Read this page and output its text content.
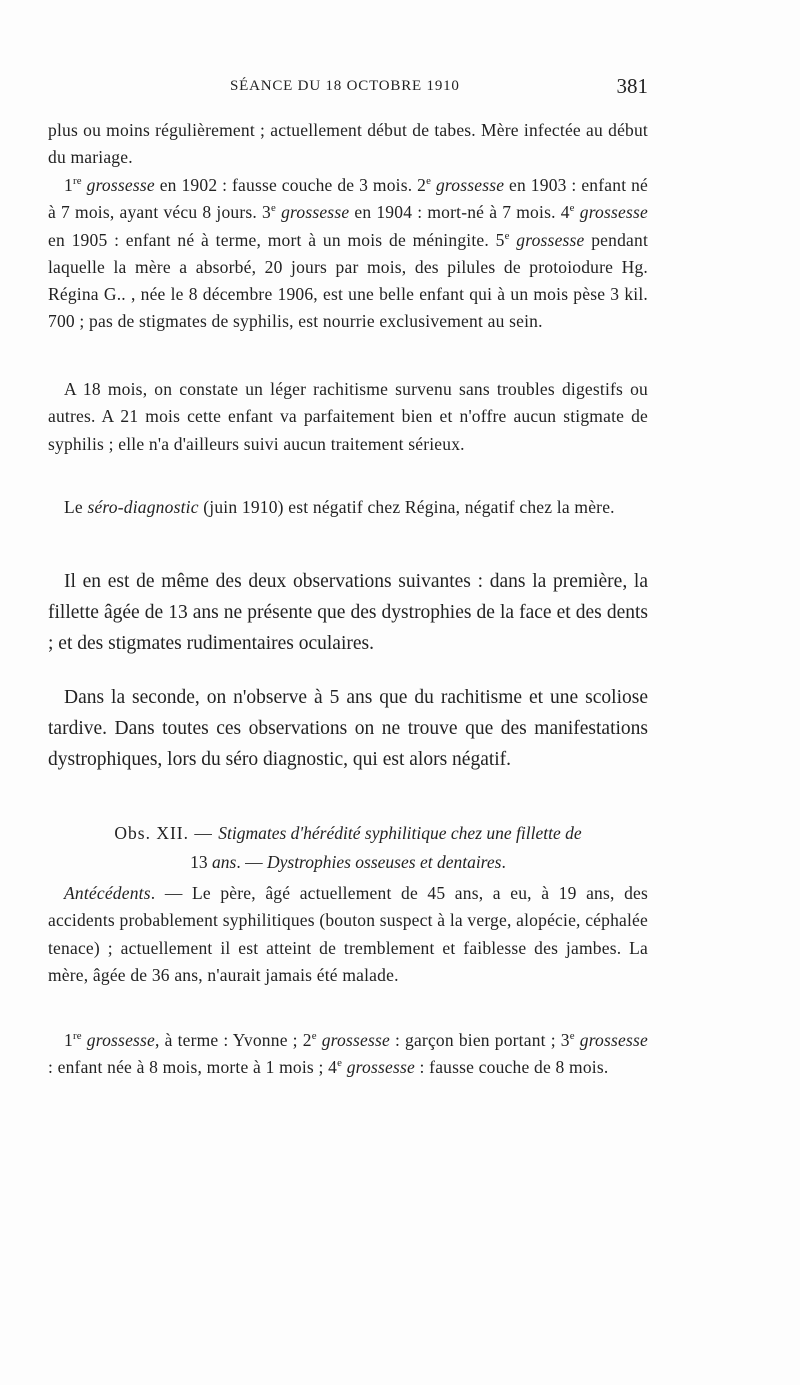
SÉANCE DU 18 OCTOBRE 1910	381

plus ou moins régulièrement ; actuellement début de tabes. Mère infectée au début du mariage.

1re grossesse en 1902 : fausse couche de 3 mois. 2e grossesse en 1903 : enfant né à 7 mois, ayant vécu 8 jours. 3e grossesse en 1904 : mort-né à 7 mois. 4e grossesse en 1905 : enfant né à terme, mort à un mois de méningite. 5e grossesse pendant laquelle la mère a absorbé, 20 jours par mois, des pilules de protoiodure Hg. Régina G.. , née le 8 décembre 1906, est une belle enfant qui à un mois pèse 3 kil. 700 ; pas de stigmates de syphilis, est nourrie exclusivement au sein.

A 18 mois, on constate un léger rachitisme survenu sans troubles digestifs ou autres. A 21 mois cette enfant va parfaitement bien et n'offre aucun stigmate de syphilis ; elle n'a d'ailleurs suivi aucun traitement sérieux.

Le séro-diagnostic (juin 1910) est négatif chez Régina, négatif chez la mère.

Il en est de même des deux observations suivantes : dans la première, la fillette âgée de 13 ans ne présente que des dystrophies de la face et des dents ; et des stigmates rudimentaires oculaires.

Dans la seconde, on n'observe à 5 ans que du rachitisme et une scoliose tardive. Dans toutes ces observations on ne trouve que des manifestations dystrophiques, lors du séro diagnostic, qui est alors négatif.

Obs. XII. — Stigmates d'hérédité syphilitique chez une fillette de
13 ans. — Dystrophies osseuses et dentaires.

Antécédents. — Le père, âgé actuellement de 45 ans, a eu, à 19 ans, des accidents probablement syphilitiques (bouton suspect à la verge, alopécie, céphalée tenace) ; actuellement il est atteint de tremblement et faiblesse des jambes. La mère, âgée de 36 ans, n'aurait jamais été malade.

1re grossesse, à terme : Yvonne ; 2e grossesse : garçon bien portant ; 3e grossesse : enfant née à 8 mois, morte à 1 mois ; 4e grossesse : fausse couche de 8 mois.
